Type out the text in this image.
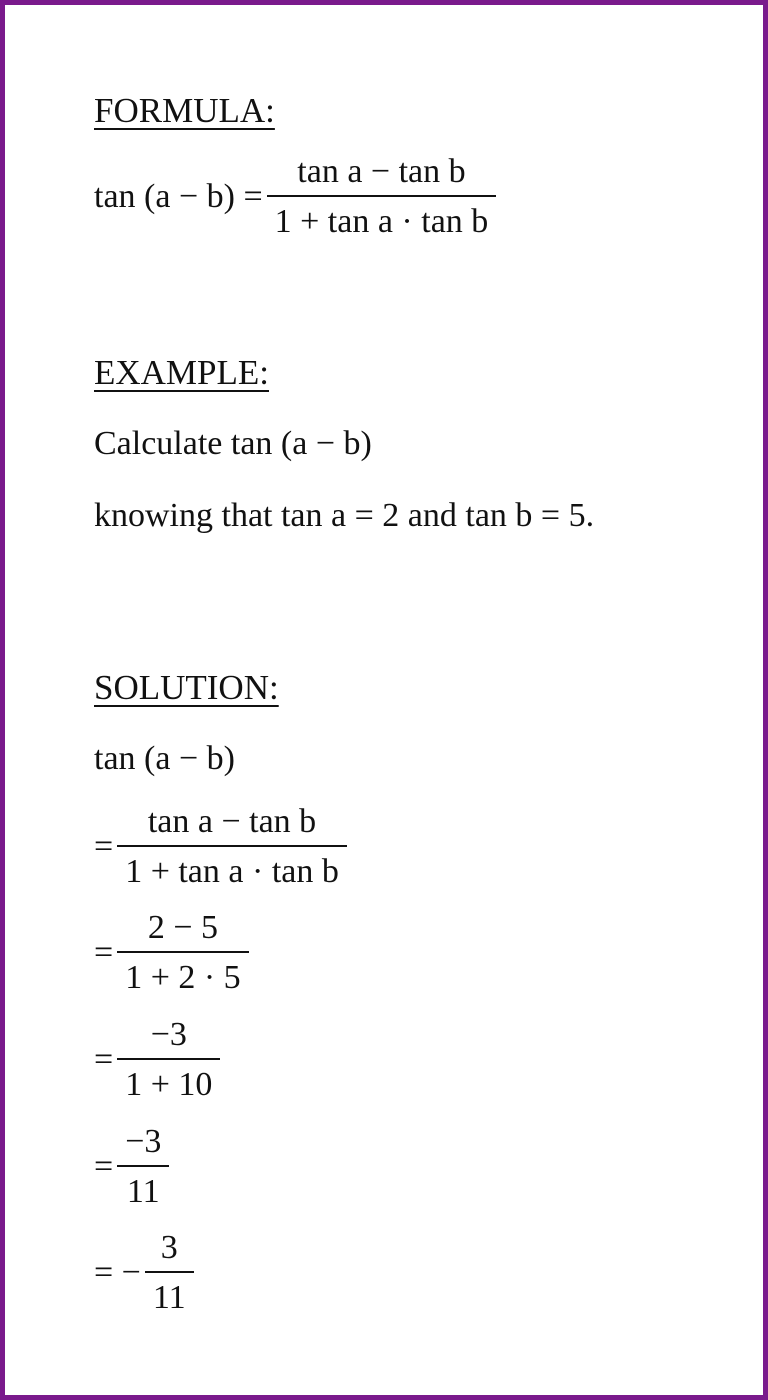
FORMULA:
$\tan (a - b) = \frac{\text{tan a − tan b}}{\text{1 + tan a · tan b}}$
EXAMPLE:
Calculate tan (a − b)
knowing that tan a = 2 and tan b = 5.
SOLUTION:
tan (a − b)
= $\frac{\text{tan a − tan b}}{\text{1 + tan a · tan b}}$
= $\frac{2 - 5}{1 + 2 \cdot 5}$
= $\frac{-3}{1 + 10}$
= $\frac{-3}{11}$
= − $\frac{3}{11}$
